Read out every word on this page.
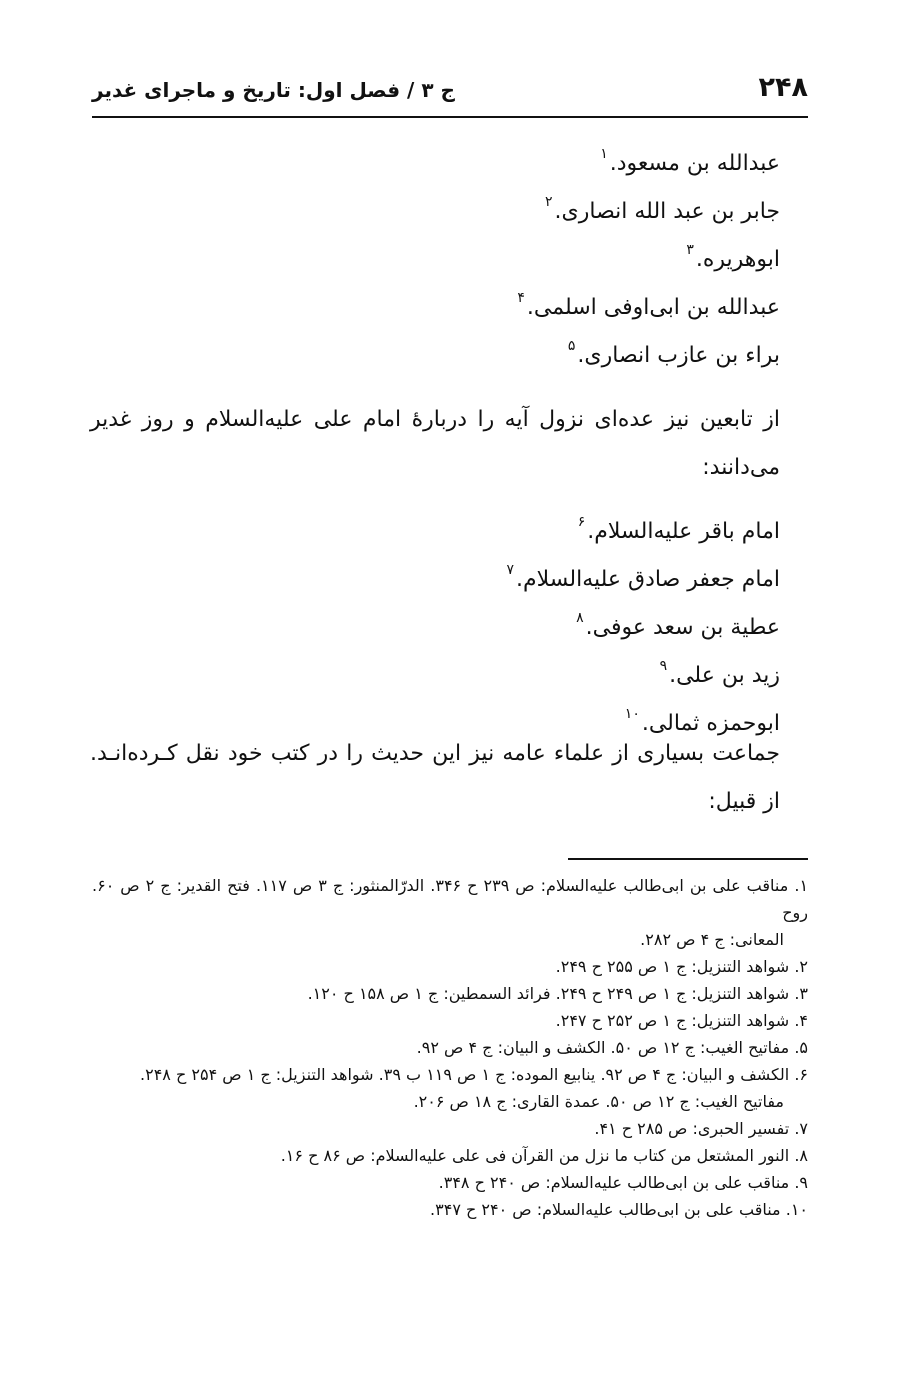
۲۴۸
ج ۳ / فصل اول: تاریخ و ماجرای غدیر
عبدالله بن مسعود.$^۱$
جابر بن عبد الله انصاری.$^۲$
ابوهریره.$^۳$
عبدالله بن ابی‌اوفی اسلمی.$^۴$
براء بن عازب انصاری.$^۵$

از تابعین نیز عده‌ای نزول آیه را دربارۀ امام علی علیه‌السلام و روز غدیر می‌دانند:

امام باقر علیه‌السلام.$^۶$
امام جعفر صادق علیه‌السلام.$^۷$
عطیة بن سعد عوفی.$^۸$
زید بن علی.$^۹$
ابوحمزه ثمالی.$^{۱۰}$

جماعت بسیاری از علماء عامه نیز این حدیث را در کتب خود نقل کـرده‌انـد. از قبیل:

۱. مناقب علی بن ابی‌طالب علیه‌السلام: ص ۲۳۹ ح ۳۴۶. الدرّالمنثور: ج ۳ ص ۱۱۷. فتح القدیر: ج ۲ ص ۶۰. روح
المعانی: ج ۴ ص ۲۸۲.
۲. شواهد التنزیل: ج ۱ ص ۲۵۵ ح ۲۴۹.
۳. شواهد التنزیل: ج ۱ ص ۲۴۹ ح ۲۴۹. فرائد السمطین: ج ۱ ص ۱۵۸ ح ۱۲۰.
۴. شواهد التنزیل: ج ۱ ص ۲۵۲ ح ۲۴۷.
۵. مفاتیح الغیب: ج ۱۲ ص ۵۰. الکشف و البیان: ج ۴ ص ۹۲.
۶. الکشف و البیان: ج ۴ ص ۹۲. ینابیع الموده: ج ۱ ص ۱۱۹ ب ۳۹. شواهد التنزیل: ج ۱ ص ۲۵۴ ح ۲۴۸.
مفاتیح الغیب: ج ۱۲ ص ۵۰. عمدة القاری: ج ۱۸ ص ۲۰۶.
۷. تفسیر الحبری: ص ۲۸۵ ح ۴۱.
۸. النور المشتعل من کتاب ما نزل من القرآن فی علی علیه‌السلام: ص ۸۶ ح ۱۶.
۹. مناقب علی بن ابی‌طالب علیه‌السلام: ص ۲۴۰ ح ۳۴۸.
۱۰. مناقب علی بن ابی‌طالب علیه‌السلام: ص ۲۴۰ ح ۳۴۷.
